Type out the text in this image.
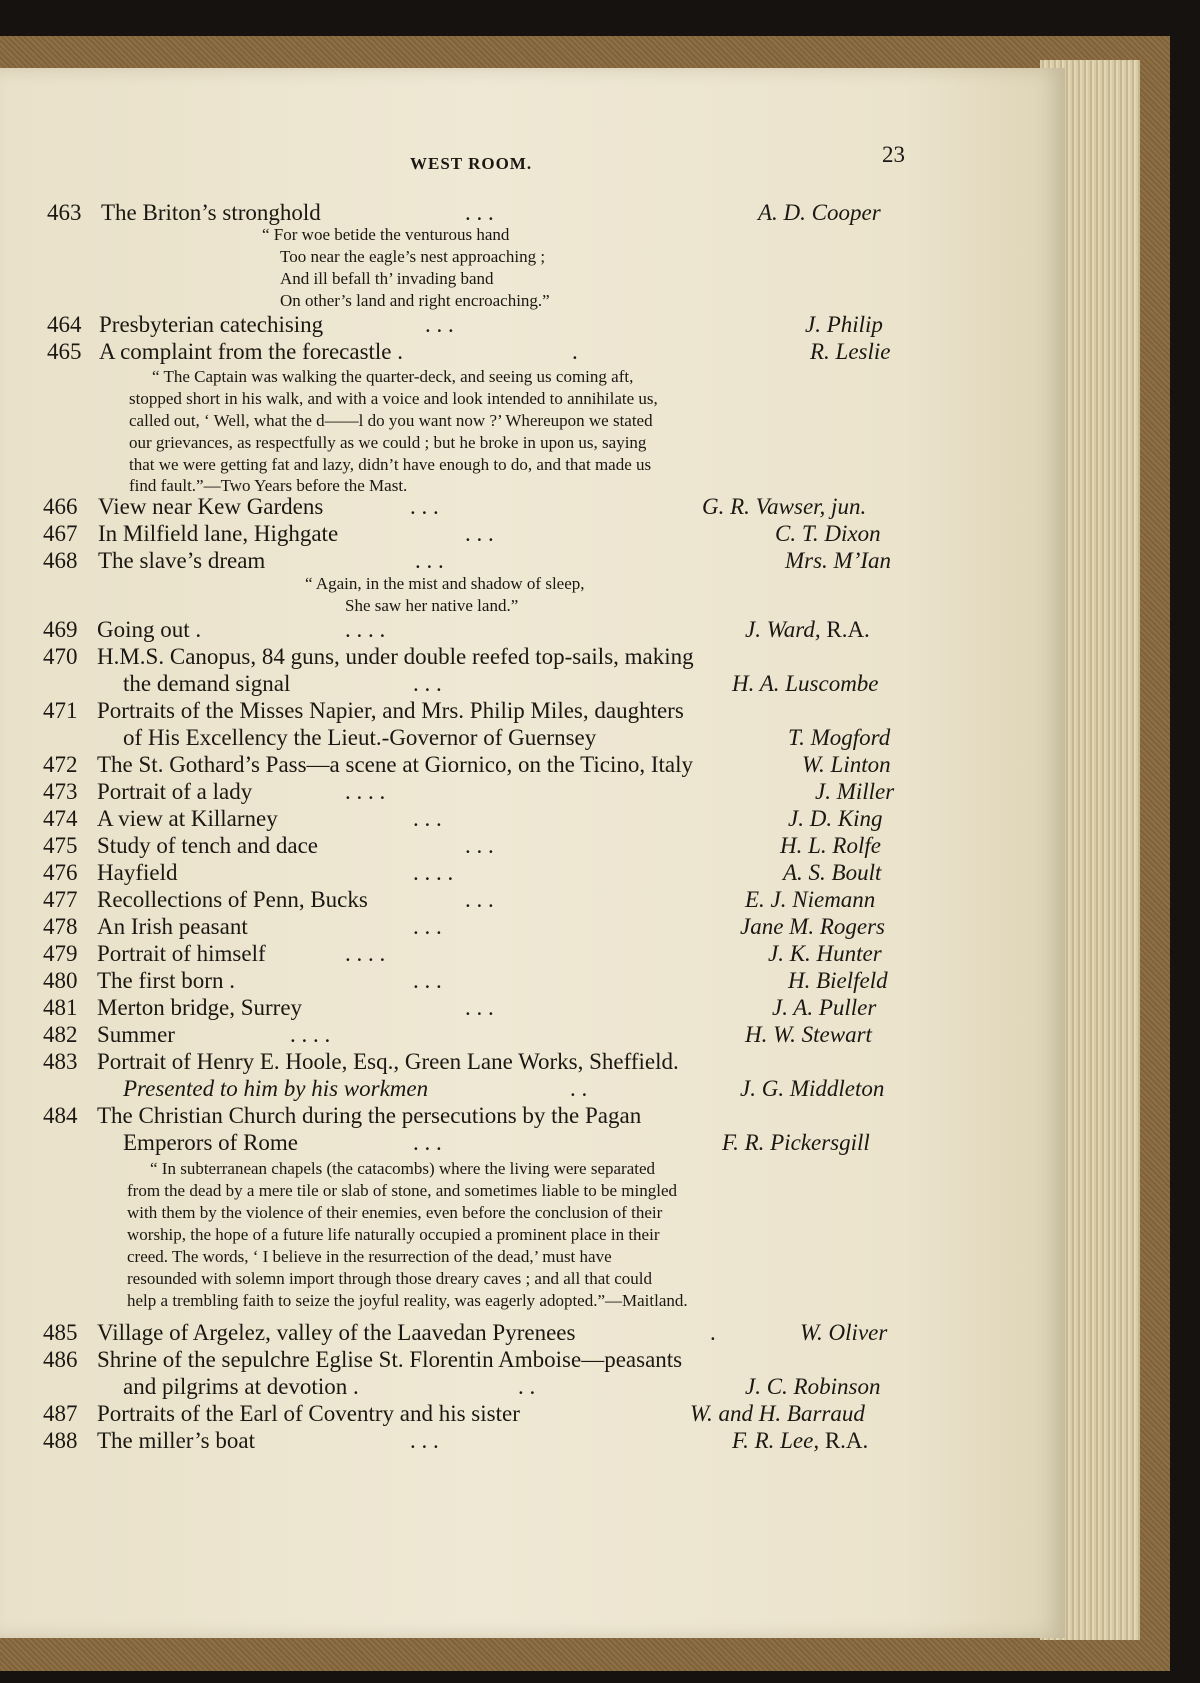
WEST ROOM.	23
463 The Briton’s stronghold	. . .	A. D. Cooper
“ For woe betide the venturous hand
Too near the eagle’s nest approaching ;
And ill befall th’ invading band
On other’s land and right encroaching.”
464 Presbyterian catechising	. . .	J. Philip
465 A complaint from the forecastle .	.	R. Leslie
“ The Captain was walking the quarter-deck, and seeing us coming aft,
stopped short in his walk, and with a voice and look intended to annihilate us,
called out, ‘ Well, what the d——l do you want now ?’ Whereupon we stated
our grievances, as respectfully as we could ; but he broke in upon us, saying
that we were getting fat and lazy, didn’t have enough to do, and that made us
find fault.”—Two Years before the Mast.
466 View near Kew Gardens	. . .	G. R. Vawser, jun.
467 In Milfield lane, Highgate	. . .	C. T. Dixon
468 The slave’s dream	. . .	Mrs. M’Ian
“ Again, in the mist and shadow of sleep,
She saw her native land.”
469 Going out .	. . . .	J. Ward, R.A.
470 H.M.S. Canopus, 84 guns, under double reefed top-sails, making
the demand signal	. . .	H. A. Luscombe
471 Portraits of the Misses Napier, and Mrs. Philip Miles, daughters
of His Excellency the Lieut.-Governor of Guernsey	T. Mogford
472 The St. Gothard’s Pass—a scene at Giornico, on the Ticino, Italy	W. Linton
473 Portrait of a lady	. . . .	J. Miller
474 A view at Killarney	. . .	J. D. King
475 Study of tench and dace	. . .	H. L. Rolfe
476 Hayfield	. . . .	A. S. Boult
477 Recollections of Penn, Bucks	. . .	E. J. Niemann
478 An Irish peasant	. . .	Jane M. Rogers
479 Portrait of himself	. . . .	J. K. Hunter
480 The first born .	. . .	H. Bielfeld
481 Merton bridge, Surrey	. . .	J. A. Puller
482 Summer	. . . .	H. W. Stewart
483 Portrait of Henry E. Hoole, Esq., Green Lane Works, Sheffield.
Presented to him by his workmen	. .	J. G. Middleton
484 The Christian Church during the persecutions by the Pagan
Emperors of Rome	. . .	F. R. Pickersgill
“ In subterranean chapels (the catacombs) where the living were separated
from the dead by a mere tile or slab of stone, and sometimes liable to be mingled
with them by the violence of their enemies, even before the conclusion of their
worship, the hope of a future life naturally occupied a prominent place in their
creed. The words, ‘ I believe in the resurrection of the dead,’ must have
resounded with solemn import through those dreary caves ; and all that could
help a trembling faith to seize the joyful reality, was eagerly adopted.”—Maitland.
485 Village of Argelez, valley of the Laavedan Pyrenees	.	W. Oliver
486 Shrine of the sepulchre Eglise St. Florentin Amboise—peasants
and pilgrims at devotion .	. .	J. C. Robinson
487 Portraits of the Earl of Coventry and his sister	W. and H. Barraud
488 The miller’s boat	. . .	F. R. Lee, R.A.
